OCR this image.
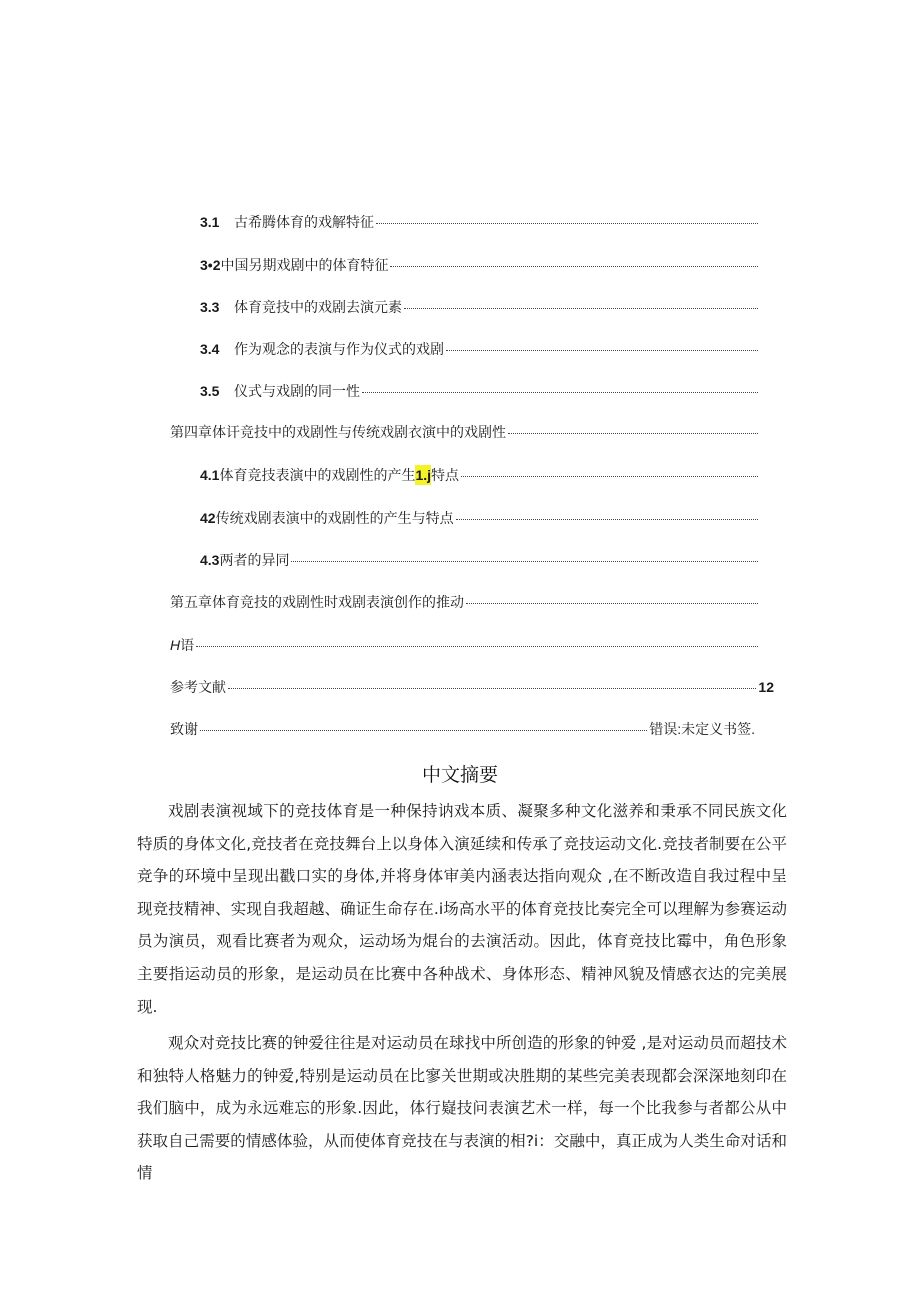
3.1	古希腾体育的戏解特征
3•2 中国另期戏剧中的体育特征
3.3	体育竞技中的戏剧去演元素
3.4	作为观念的表演与作为仪式的戏剧
3.5	仪式与戏剧的同一性
第四章体讦竞技中的戏剧性与传统戏剧衣演中的戏剧性
4.1 体育竞技表演中的戏剧性的产生 1.j 特点
42 传统戏剧表演中的戏剧性的产生与特点
4.3 两者的异同
第五章体育竞技的戏剧性时戏剧表演创作的推动
H 语
参考文献	12
致谢	错误:未定义书签.
中文摘要
戏剧表演视域下的竞技体育是一种保持讷戏本质、凝聚多种文化滋养和秉承不同民族文化特质的身体文化,竞技者在竞技舞台上以身体入演延续和传承了竞技运动文化.竞技者制要在公平竞争的环境中呈现出戳口实的身体,并将身体审美内涵表达指向观众 ,在不断改造自我过程中呈现竞技精神、实现自我超越、确证生命存在.i场高水平的体育竞技比奏完全可以理解为参赛运动员为演员，观看比赛者为观众，运动场为焜台的去演活动。因此，体育竞技比霉中，角色形象主要指运动员的形象，是运动员在比赛中各种战术、身体形态、精神风貌及情感衣达的完美展现.
观众对竞技比赛的钟爱往往是对运动员在球找中所创造的形象的钟爱 ,是对运动员而超技术和独特人格魅力的钟爱,特别是运动员在比寥关世期或决胜期的某些完美表现都会深深地刻印在我们脑中，成为永远难忘的形象.因此，体行嶷技问表演艺术一样，每一个比我参与者都公从中获取自己需要的情感体验，从而使体育竞技在与表演的相?i：交融中，真正成为人类生命对话和情
